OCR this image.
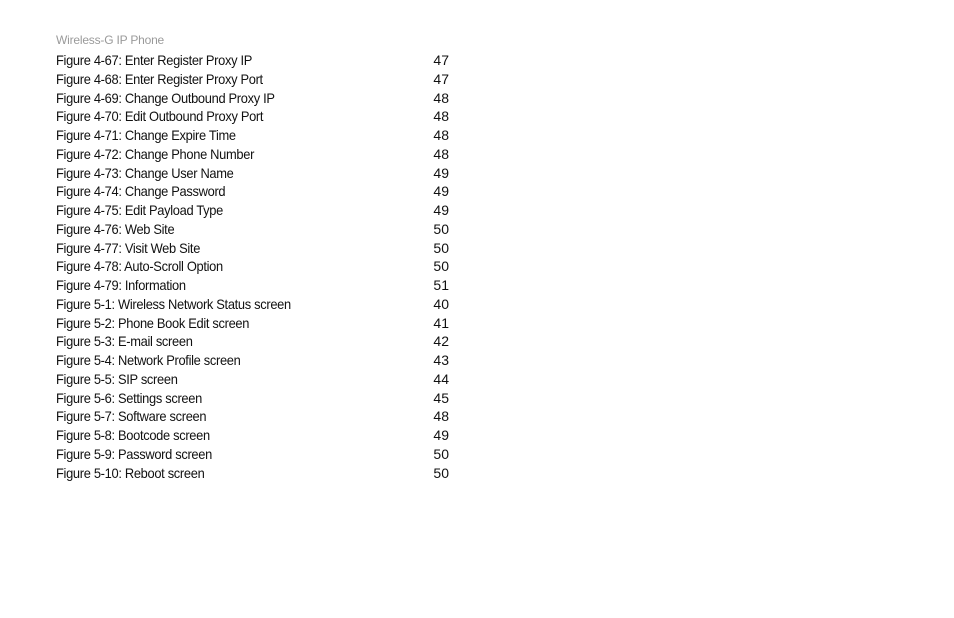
Wireless-G IP Phone
Figure 4-67: Enter Register Proxy IP	47
Figure 4-68: Enter Register Proxy Port	47
Figure 4-69: Change Outbound Proxy IP	48
Figure 4-70: Edit Outbound Proxy Port	48
Figure 4-71: Change Expire Time	48
Figure 4-72: Change Phone Number	48
Figure 4-73: Change User Name	49
Figure 4-74: Change Password	49
Figure 4-75: Edit Payload Type	49
Figure 4-76: Web Site	50
Figure 4-77: Visit Web Site	50
Figure 4-78: Auto-Scroll Option	50
Figure 4-79: Information	51
Figure 5-1: Wireless Network Status screen	40
Figure 5-2: Phone Book Edit screen	41
Figure 5-3: E-mail screen	42
Figure 5-4: Network Profile screen	43
Figure 5-5: SIP screen	44
Figure 5-6: Settings screen	45
Figure 5-7: Software screen	48
Figure 5-8: Bootcode screen	49
Figure 5-9: Password screen	50
Figure 5-10: Reboot screen	50
